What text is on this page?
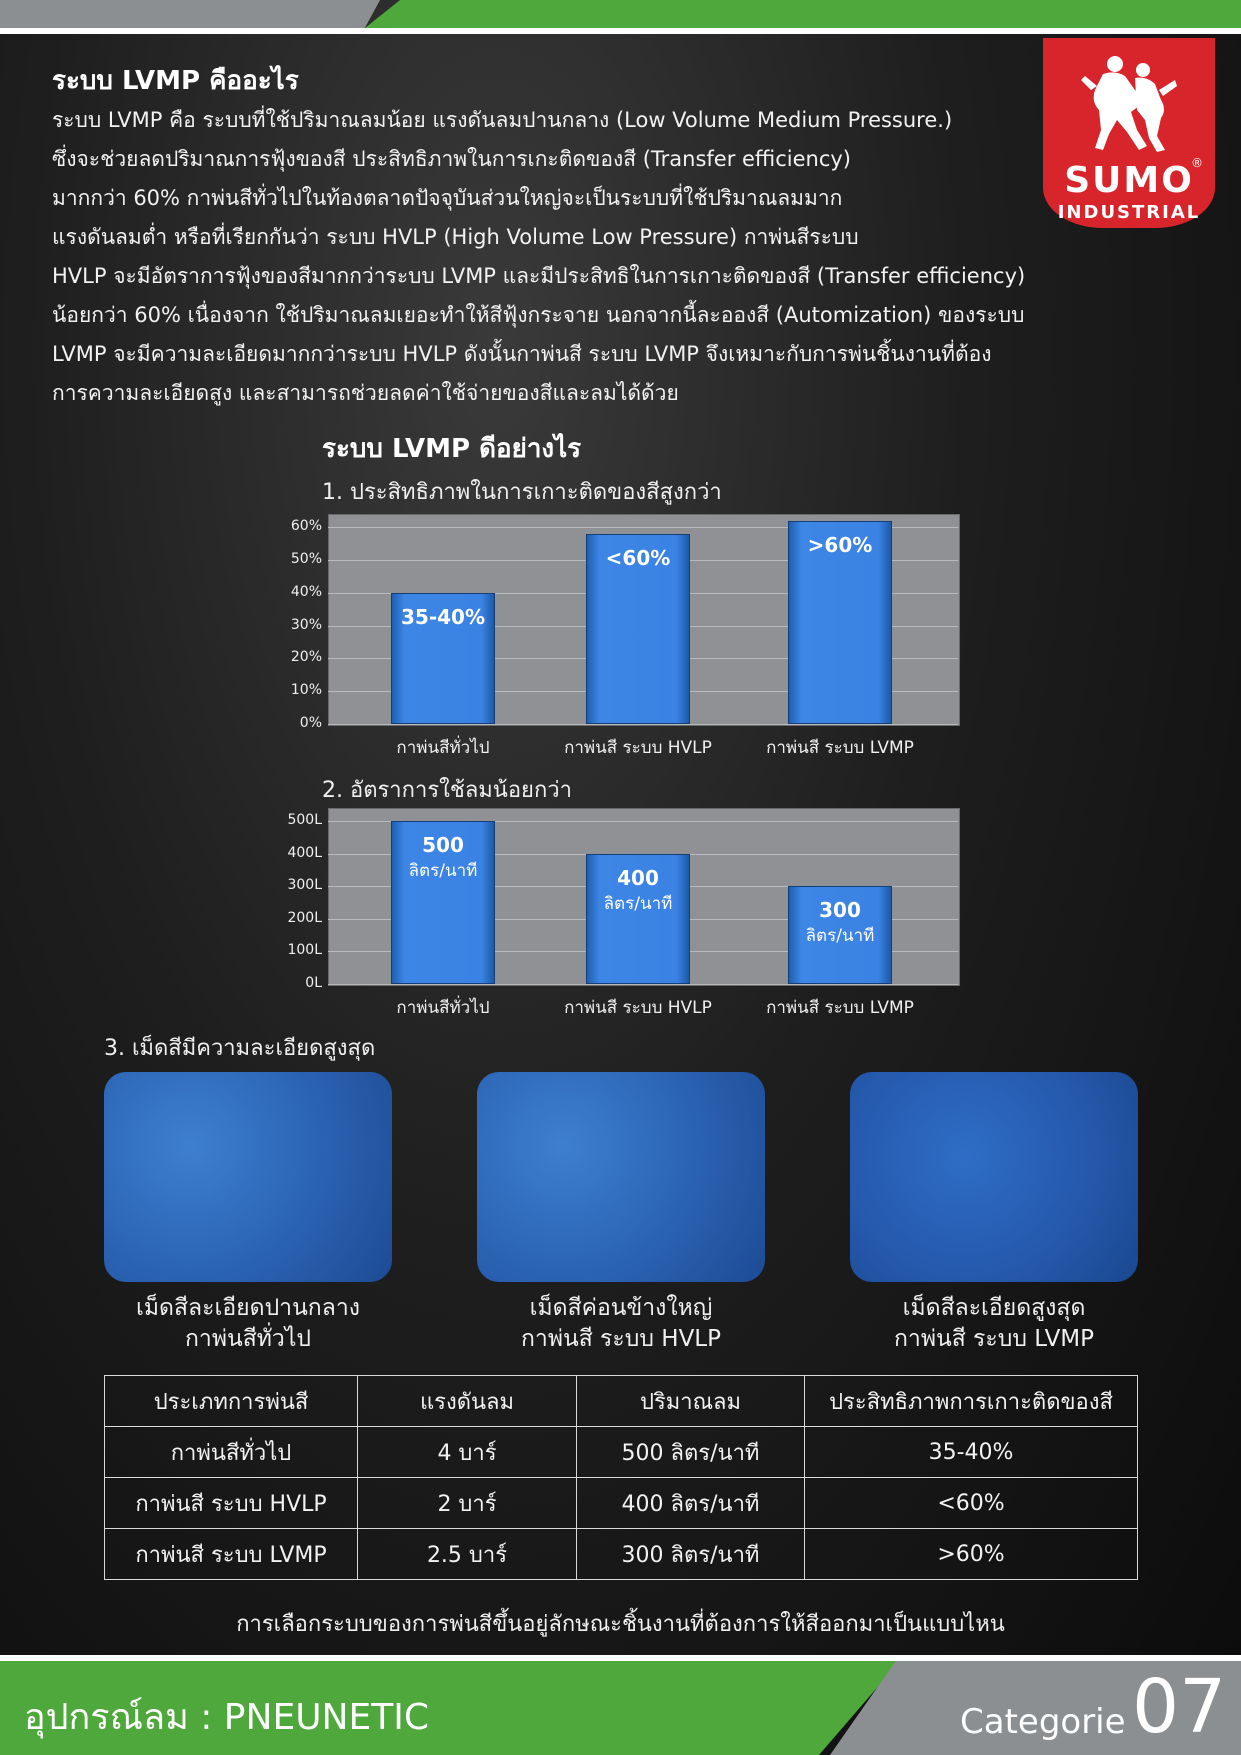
SUMO
®
INDUSTRIAL
ระบบ LVMP คืออะไร
ระบบ LVMP คือ ระบบที่ใช้ปริมาณลมน้อย แรงดันลมปานกลาง (Low Volume Medium Pressure.)
ซึ่งจะช่วยลดปริมาณการฟุ้งของสี ประสิทธิภาพในการเกะติดของสี (Transfer efficiency)
มากกว่า 60% กาพ่นสีทั่วไปในท้องตลาดปัจจุบันส่วนใหญ่จะเป็นระบบที่ใช้ปริมาณลมมาก
แรงดันลมต่ำ หรือที่เรียกกันว่า ระบบ HVLP (High Volume Low Pressure) กาพ่นสีระบบ
HVLP จะมีอัตราการฟุ้งของสีมากกว่าระบบ LVMP และมีประสิทธิในการเกาะติดของสี (Transfer efficiency)
น้อยกว่า 60% เนื่องจาก ใช้ปริมาณลมเยอะทำให้สีฟุ้งกระจาย นอกจากนี้ละอองสี (Automization) ของระบบ
LVMP จะมีความละเอียดมากกว่าระบบ HVLP ดังนั้นกาพ่นสี ระบบ LVMP จึงเหมาะกับการพ่นชิ้นงานที่ต้อง
การความละเอียดสูง และสามารถช่วยลดค่าใช้จ่ายของสีและลมได้ด้วย
ระบบ LVMP ดีอย่างไร
1. ประสิทธิภาพในการเกาะติดของสีสูงกว่า
2. อัตราการใช้ลมน้อยกว่า
3. เม็ดสีมีความละเอียดสูงสุด
เม็ดสีละเอียดปานกลาง
กาพ่นสีทั่วไป
เม็ดสีค่อนข้างใหญ่
กาพ่นสี ระบบ HVLP
เม็ดสีละเอียดสูงสุด
กาพ่นสี ระบบ LVMP
ประเภทการพ่นสี	แรงดันลม	ปริมาณลม	ประสิทธิภาพการเกาะติดของสี
กาพ่นสีทั่วไป	4 บาร์	500 ลิตร/นาที	35-40%
กาพ่นสี ระบบ HVLP	2 บาร์	400 ลิตร/นาที	<60%
กาพ่นสี ระบบ LVMP	2.5 บาร์	300 ลิตร/นาที	>60%
การเลือกระบบของการพ่นสีขึ้นอยู่ลักษณะชิ้นงานที่ต้องการให้สีออกมาเป็นแบบไหน
อุปกรณ์ลม : PNEUNETIC	Categorie 07
0%
10%
20%
30%
40%
50%
60%
35-40%
กาพ่นสีทั่วไป
<60%
กาพ่นสี ระบบ HVLP
>60%
กาพ่นสี ระบบ LVMP
0L
100L
200L
300L
400L
500L
500
ลิตร/นาที
กาพ่นสีทั่วไป
400
ลิตร/นาที
กาพ่นสี ระบบ HVLP
300
ลิตร/นาที
กาพ่นสี ระบบ LVMP
